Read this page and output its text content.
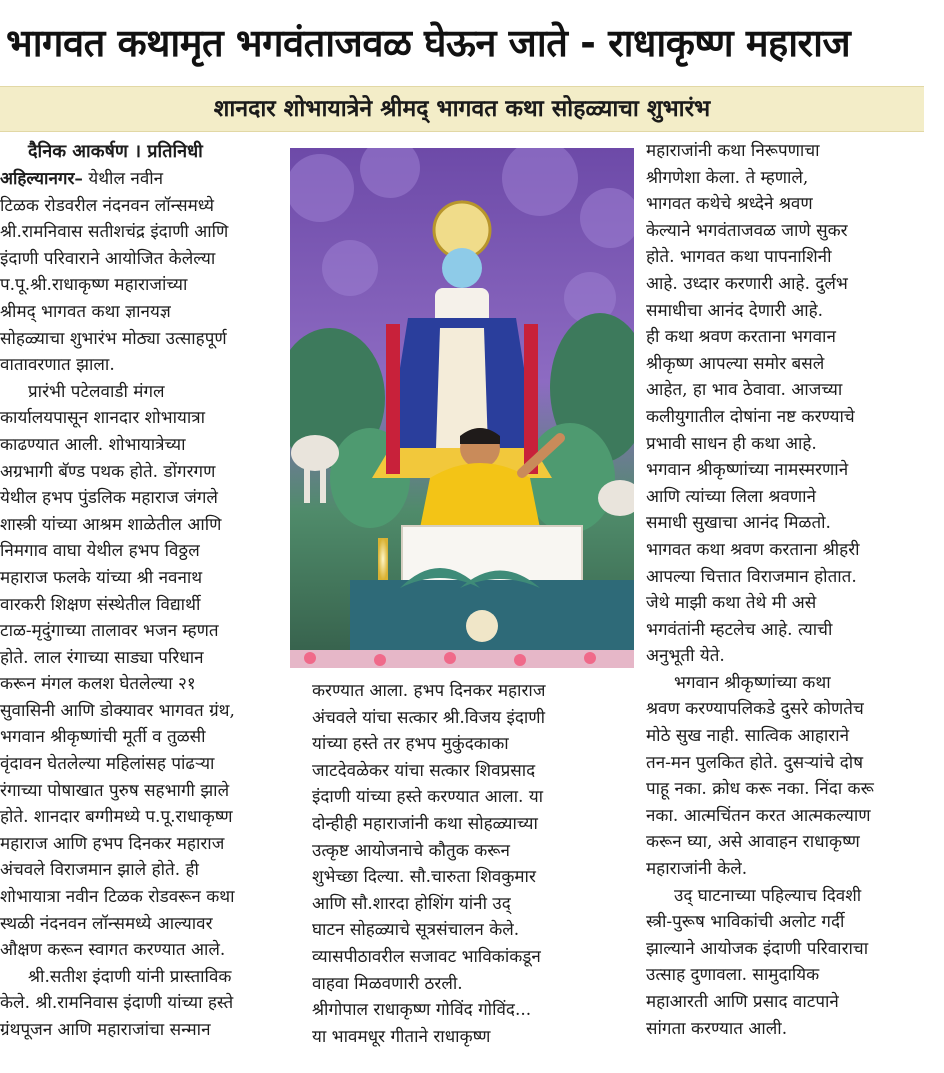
भागवत कथामृत भगवंताजवळ घेऊन जाते - राधाकृष्ण महाराज
शानदार शोभायात्रेने श्रीमद् भागवत कथा सोहळ्याचा शुभारंभ
दैनिक आकर्षण । प्रतिनिधी

अहिल्यानगर– येथील नवीन

टिळक रोडवरील नंदनवन लॉन्समध्ये

श्री.रामनिवास सतीशचंद्र इंदाणी आणि

इंदाणी परिवाराने आयोजित केलेल्या

प.पू.श्री.राधाकृष्ण महाराजांच्या

श्रीमद् भागवत कथा ज्ञानयज्ञ

सोहळ्याचा शुभारंभ मोठ्या उत्साहपूर्ण

वातावरणात झाला.

प्रारंभी पटेलवाडी मंगल

कार्यालयपासून शानदार शोभायात्रा

काढण्यात आली. शोभायात्रेच्या

अग्रभागी बॅण्ड पथक होते. डोंगरगण

येथील हभप पुंडलिक महाराज जंगले

शास्त्री यांच्या आश्रम शाळेतील आणि

निमगाव वाघा येथील हभप विठ्ठल

महाराज फलके यांच्या श्री नवनाथ

वारकरी शिक्षण संस्थेतील विद्यार्थी

टाळ-मृदुंगाच्या तालावर भजन म्हणत

होते. लाल रंगाच्या साड्या परिधान

करून मंगल कलश घेतलेल्या २१

सुवासिनी आणि डोक्यावर भागवत ग्रंथ,

भगवान श्रीकृष्णांची मूर्ती व तुळसी

वृंदावन घेतलेल्या महिलांसह पांढऱ्या

रंगाच्या पोषाखात पुरुष सहभागी झाले

होते. शानदार बग्गीमध्ये प.पू.राधाकृष्ण

महाराज आणि हभप दिनकर महाराज

अंचवले विराजमान झाले होते. ही

शोभायात्रा नवीन टिळक रोडवरून कथा

स्थळी नंदनवन लॉन्समध्ये आल्यावर

औक्षण करून स्वागत करण्यात आले.

श्री.सतीश इंदाणी यांनी प्रास्ताविक

केले. श्री.रामनिवास इंदाणी यांच्या हस्ते

ग्रंथपूजन आणि महाराजांचा सन्मान

करण्यात आला. हभप दिनकर महाराज

अंचवले यांचा सत्कार श्री.विजय इंदाणी

यांच्या हस्ते तर हभप मुकुंदकाका

जाटदेवळेकर यांचा सत्कार शिवप्रसाद

इंदाणी यांच्या हस्ते करण्यात आला. या

दोन्हीही महाराजांनी कथा सोहळ्याच्या

उत्कृष्ट आयोजनाचे कौतुक करून

शुभेच्छा दिल्या. सौ.चारुता शिवकुमार

आणि सौ.शारदा होशिंग यांनी उद्

घाटन सोहळ्याचे सूत्रसंचालन केले.

व्यासपीठावरील सजावट भाविकांकडून

वाहवा मिळवणारी ठरली.

श्रीगोपाल राधाकृष्ण गोविंद गोविंद...

या भावमधूर गीताने राधाकृष्ण

महाराजांनी कथा निरूपणाचा

श्रीगणेशा केला. ते म्हणाले,

भागवत कथेचे श्रध्देने श्रवण

केल्याने भगवंताजवळ जाणे सुकर

होते. भागवत कथा पापनाशिनी

आहे. उध्दार करणारी आहे. दुर्लभ

समाधीचा आनंद देणारी आहे.

ही कथा श्रवण करताना भगवान

श्रीकृष्ण आपल्या समोर बसले

आहेत, हा भाव ठेवावा. आजच्या

कलीयुगातील दोषांना नष्ट करण्याचे

प्रभावी साधन ही कथा आहे.

भगवान श्रीकृष्णांच्या नामस्मरणाने

आणि त्यांच्या लिला श्रवणाने

समाधी सुखाचा आनंद मिळतो.

भागवत कथा श्रवण करताना श्रीहरी

आपल्या चित्तात विराजमान होतात.

जेथे माझी कथा तेथे मी असे

भगवंतांनी म्हटलेच आहे. त्याची

अनुभूती येते.

भगवान श्रीकृष्णांच्या कथा

श्रवण करण्यापलिकडे दुसरे कोणतेच

मोठे सुख नाही. सात्विक आहाराने

तन-मन पुलकित होते. दुसऱ्यांचे दोष

पाहू नका. क्रोध करू नका. निंदा करू

नका. आत्मचिंतन करत आत्मकल्याण

करून घ्या, असे आवाहन राधाकृष्ण

महाराजांनी केले.

उद् घाटनाच्या पहिल्याच दिवशी

स्त्री-पुरूष भाविकांची अलोट गर्दी

झाल्याने आयोजक इंदाणी परिवाराचा

उत्साह दुणावला. सामुदायिक

महाआरती आणि प्रसाद वाटपाने

सांगता करण्यात आली.
